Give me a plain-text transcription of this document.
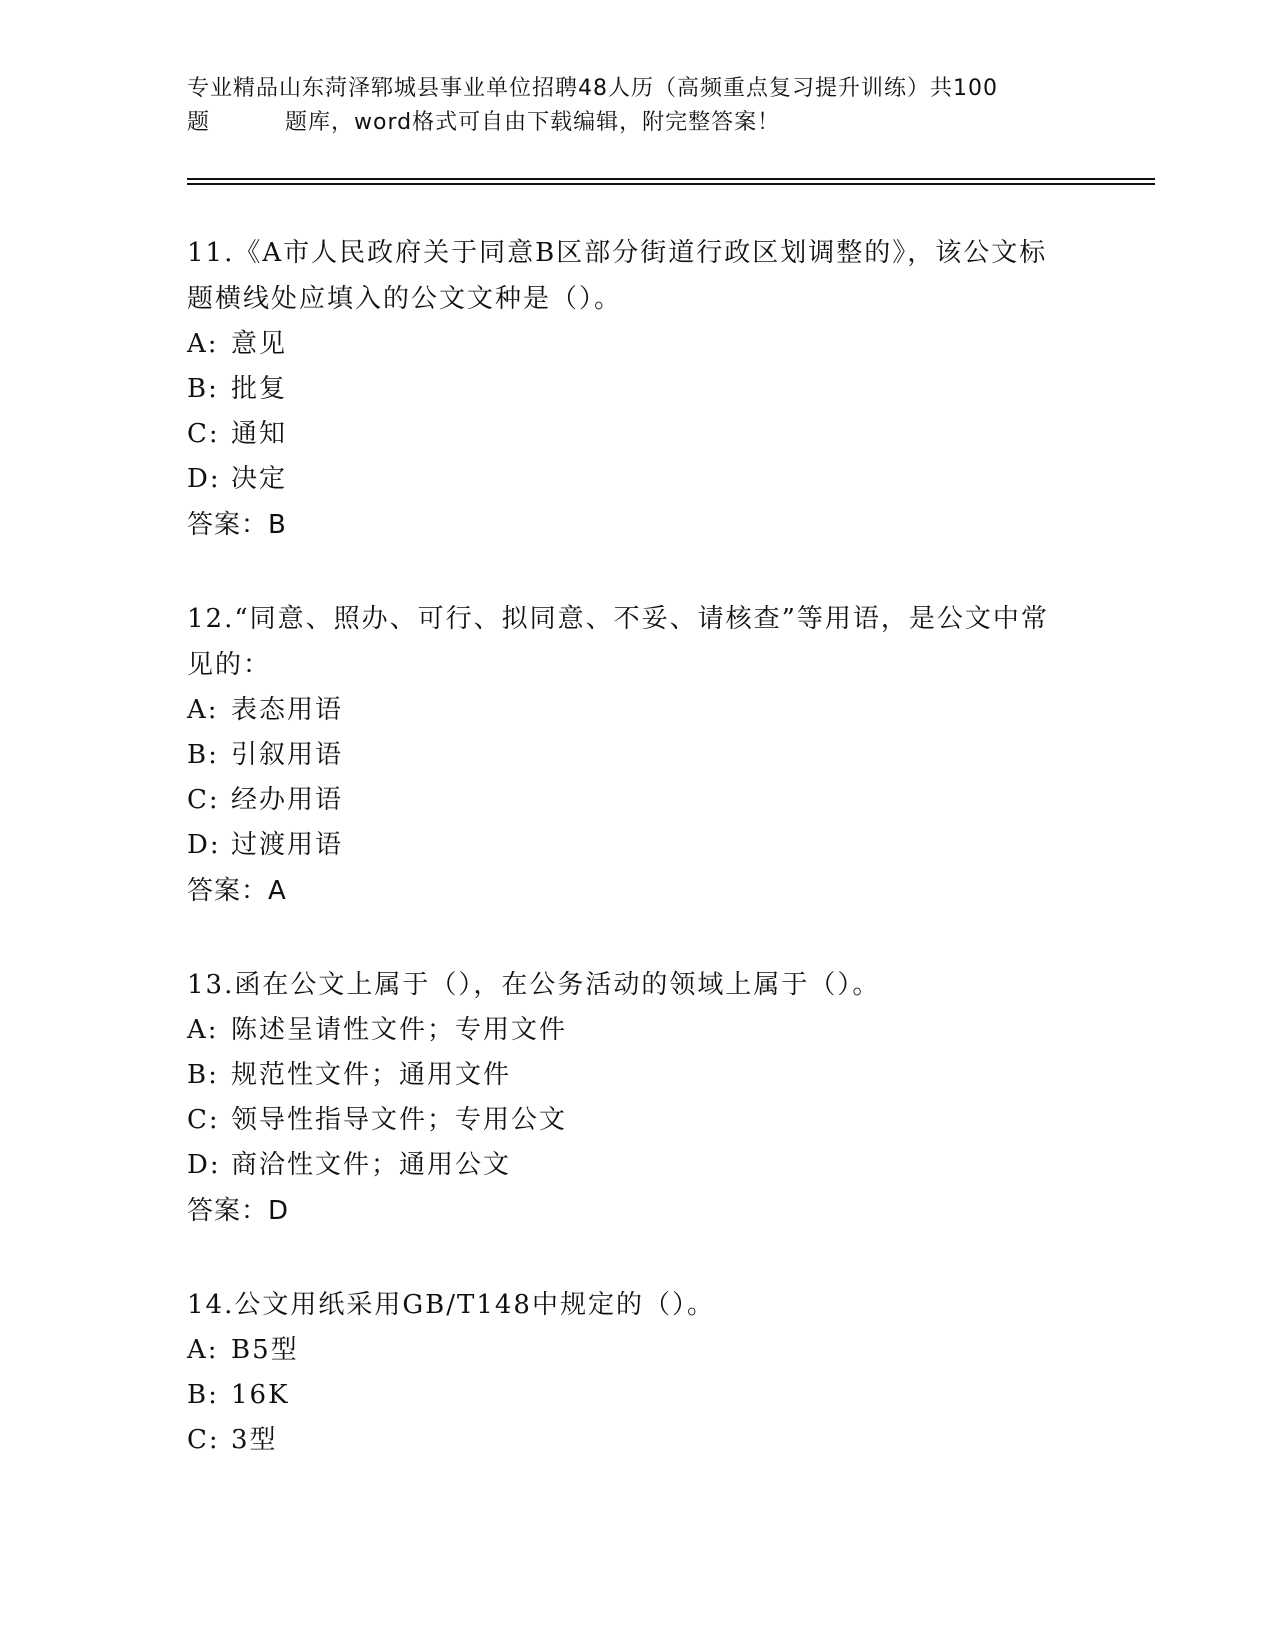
专业精品山东菏泽郓城县事业单位招聘48人历（高频重点复习提升训练）共100
题	题库，word格式可自由下载编辑，附完整答案！
11.《A市人民政府关于同意B区部分街道行政区划调整的》，该公文标题横线处应填入的公文文种是（）。
A: 意见
B: 批复
C: 通知
D: 决定
答案：B
12.“同意、照办、可行、拟同意、不妥、请核查”等用语，是公文中常见的：
A: 表态用语
B: 引叙用语
C: 经办用语
D: 过渡用语
答案：A
13.函在公文上属于（），在公务活动的领域上属于（）。
A: 陈述呈请性文件；专用文件
B: 规范性文件；通用文件
C: 领导性指导文件；专用公文
D: 商洽性文件；通用公文
答案：D
14.公文用纸采用GB/T148中规定的（）。
A: B5型
B: 16K
C: 3型
